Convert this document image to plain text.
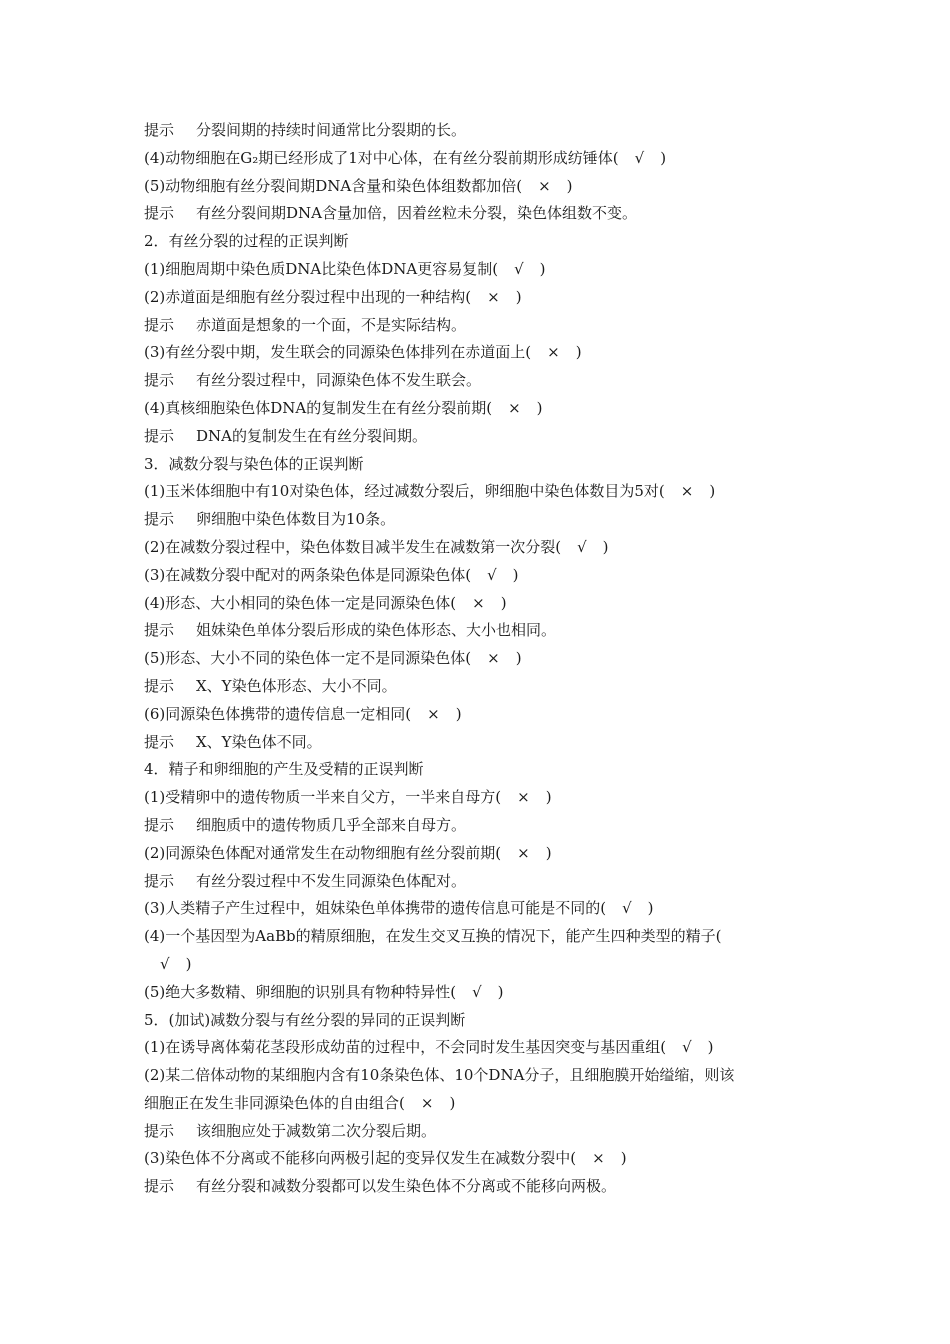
提示 分裂间期的持续时间通常比分裂期的长。
(4)动物细胞在G₂期已经形成了1对中心体，在有丝分裂前期形成纺锤体( √ )
(5)动物细胞有丝分裂间期DNA含量和染色体组数都加倍( × )
提示 有丝分裂间期DNA含量加倍，因着丝粒未分裂，染色体组数不变。
2．有丝分裂的过程的正误判断
(1)细胞周期中染色质DNA比染色体DNA更容易复制( √ )
(2)赤道面是细胞有丝分裂过程中出现的一种结构( × )
提示 赤道面是想象的一个面，不是实际结构。
(3)有丝分裂中期，发生联会的同源染色体排列在赤道面上( × )
提示 有丝分裂过程中，同源染色体不发生联会。
(4)真核细胞染色体DNA的复制发生在有丝分裂前期( × )
提示 DNA的复制发生在有丝分裂间期。
3．减数分裂与染色体的正误判断
(1)玉米体细胞中有10对染色体，经过减数分裂后，卵细胞中染色体数目为5对( × )
提示 卵细胞中染色体数目为10条。
(2)在减数分裂过程中，染色体数目减半发生在减数第一次分裂( √ )
(3)在减数分裂中配对的两条染色体是同源染色体( √ )
(4)形态、大小相同的染色体一定是同源染色体( × )
提示 姐妹染色单体分裂后形成的染色体形态、大小也相同。
(5)形态、大小不同的染色体一定不是同源染色体( × )
提示 X、Y染色体形态、大小不同。
(6)同源染色体携带的遗传信息一定相同( × )
提示 X、Y染色体不同。
4．精子和卵细胞的产生及受精的正误判断
(1)受精卵中的遗传物质一半来自父方，一半来自母方( × )
提示 细胞质中的遗传物质几乎全部来自母方。
(2)同源染色体配对通常发生在动物细胞有丝分裂前期( × )
提示 有丝分裂过程中不发生同源染色体配对。
(3)人类精子产生过程中，姐妹染色单体携带的遗传信息可能是不同的( √ )
(4)一个基因型为AaBb的精原细胞，在发生交叉互换的情况下，能产生四种类型的精子(
√ )
(5)绝大多数精、卵细胞的识别具有物种特异性( √ )
5．(加试)减数分裂与有丝分裂的异同的正误判断
(1)在诱导离体菊花茎段形成幼苗的过程中，不会同时发生基因突变与基因重组( √ )
(2)某二倍体动物的某细胞内含有10条染色体、10个DNA分子，且细胞膜开始缢缩，则该
细胞正在发生非同源染色体的自由组合( × )
提示 该细胞应处于减数第二次分裂后期。
(3)染色体不分离或不能移向两极引起的变异仅发生在减数分裂中( × )
提示 有丝分裂和减数分裂都可以发生染色体不分离或不能移向两极。
